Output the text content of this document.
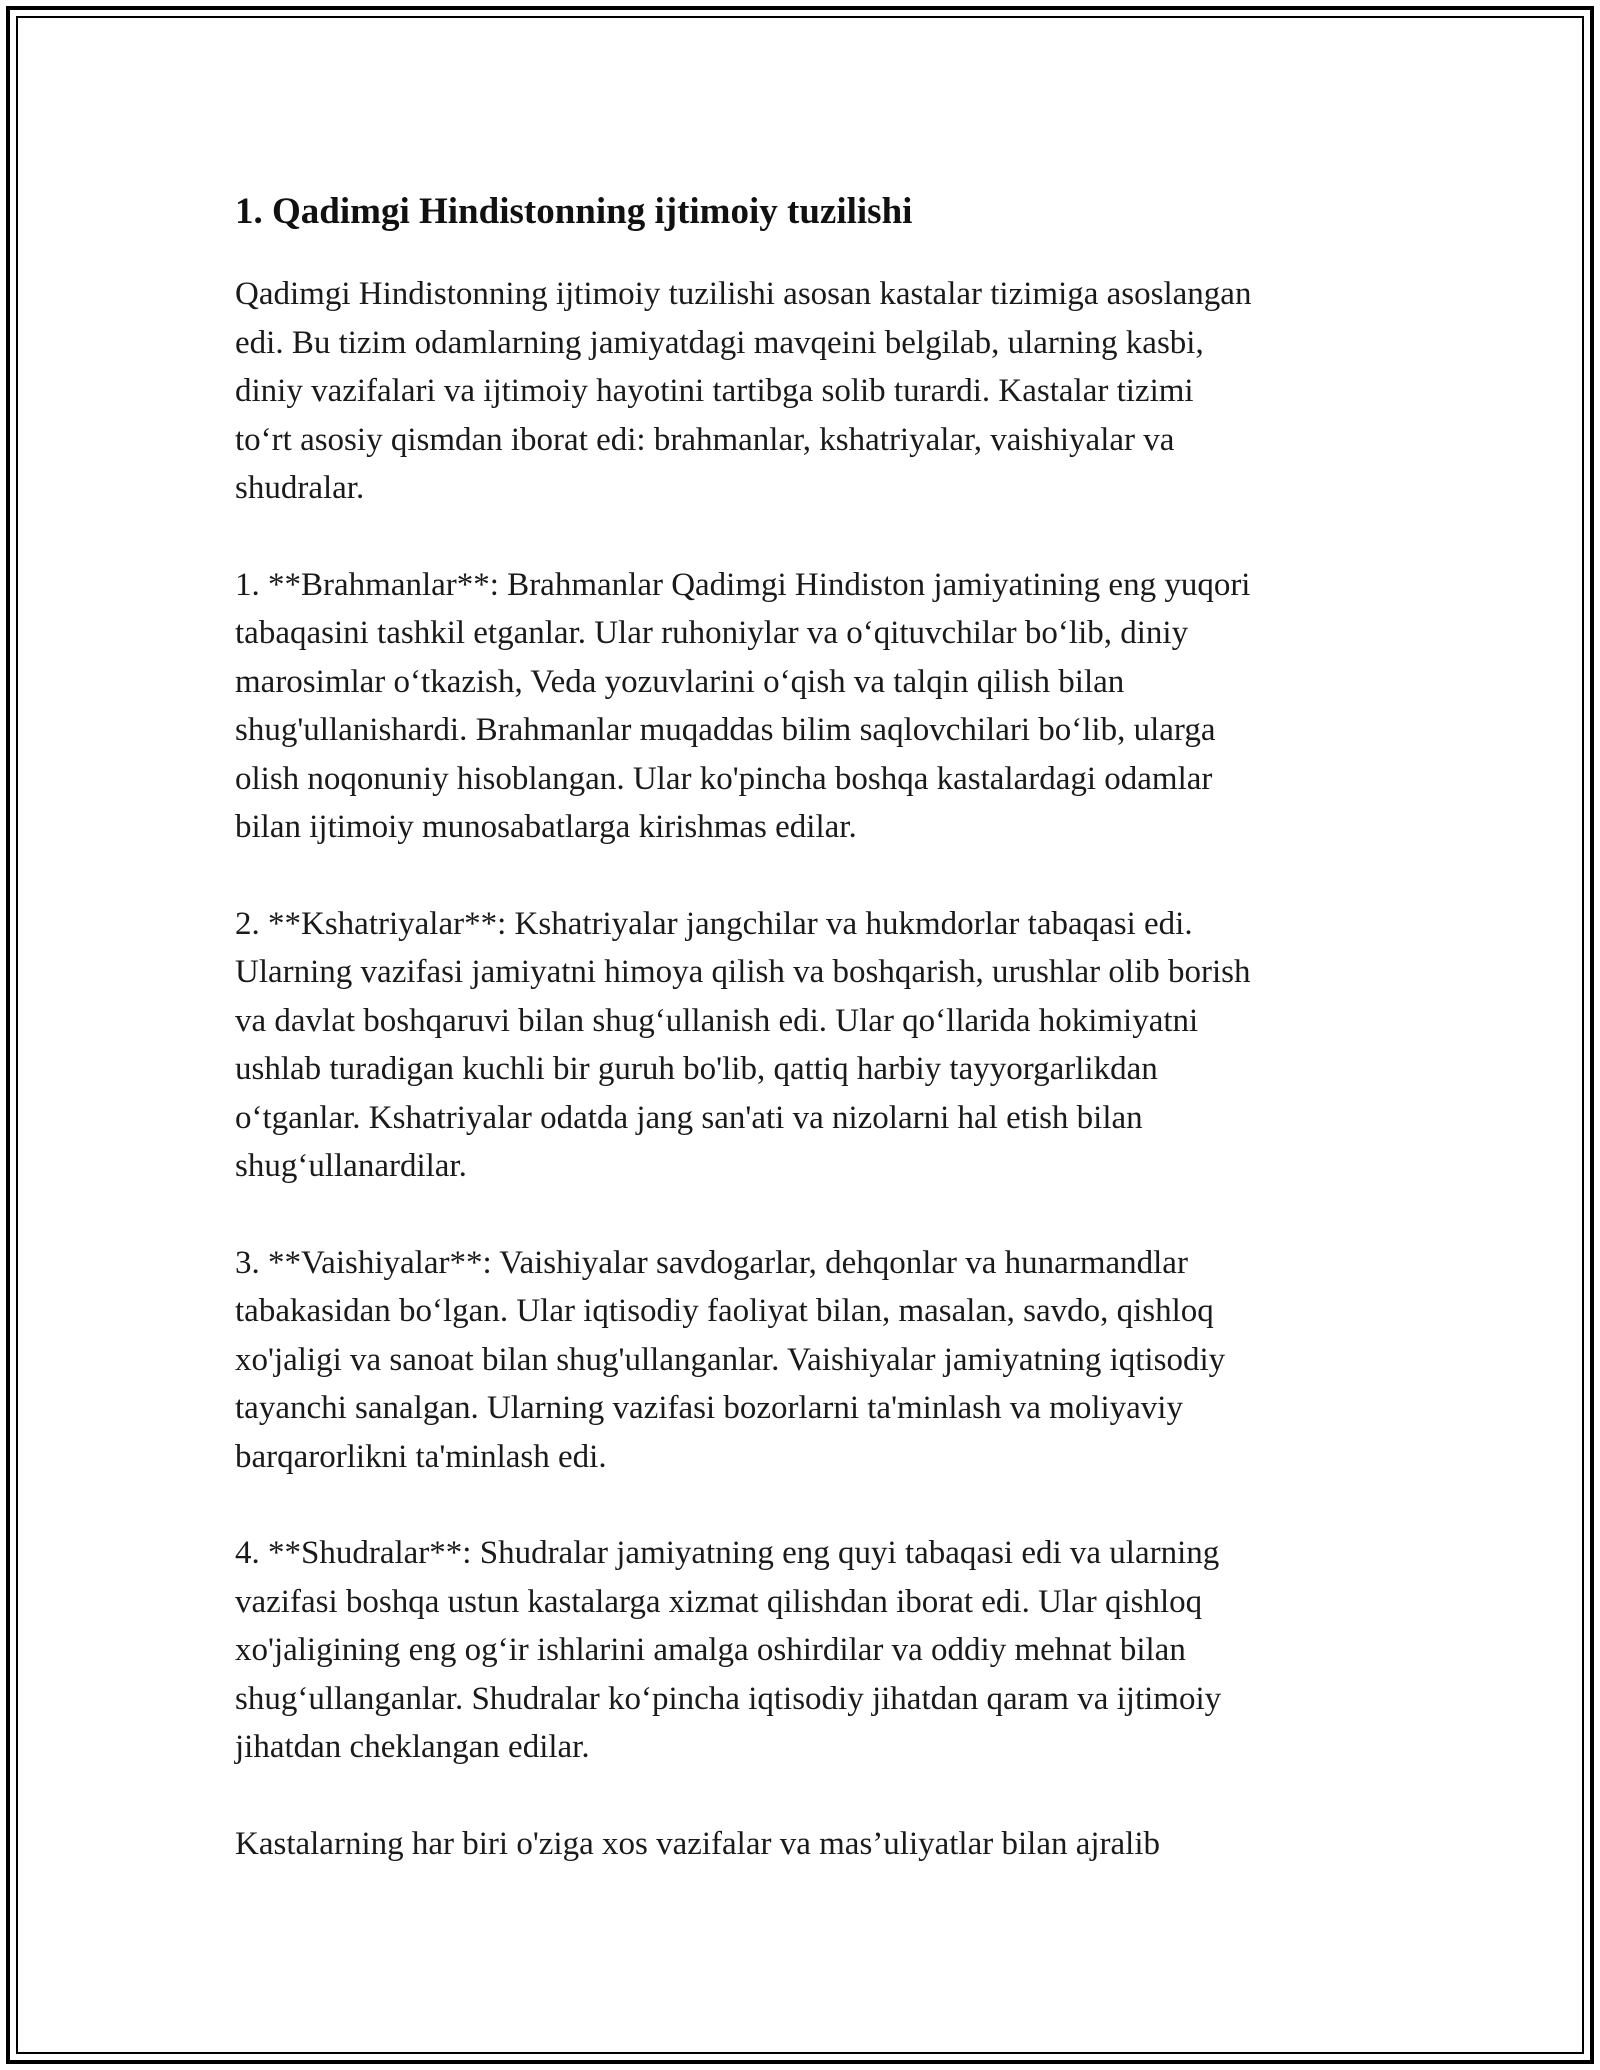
1. Qadimgi Hindistonning ijtimoiy tuzilishi

Qadimgi Hindistonning ijtimoiy tuzilishi asosan kastalar tizimiga asoslangan
edi. Bu tizim odamlarning jamiyatdagi mavqeini belgilab, ularning kasbi,
diniy vazifalari va ijtimoiy hayotini tartibga solib turardi. Kastalar tizimi
to‘rt asosiy qismdan iborat edi: brahmanlar, kshatriyalar, vaishiyalar va
shudralar.

1. **Brahmanlar**: Brahmanlar Qadimgi Hindiston jamiyatining eng yuqori
tabaqasini tashkil etganlar. Ular ruhoniylar va o‘qituvchilar bo‘lib, diniy
marosimlar o‘tkazish, Veda yozuvlarini o‘qish va talqin qilish bilan
shug'ullanishardi. Brahmanlar muqaddas bilim saqlovchilari bo‘lib, ularga
olish noqonuniy hisoblangan. Ular ko'pincha boshqa kastalardagi odamlar
bilan ijtimoiy munosabatlarga kirishmas edilar.

2. **Kshatriyalar**: Kshatriyalar jangchilar va hukmdorlar tabaqasi edi.
Ularning vazifasi jamiyatni himoya qilish va boshqarish, urushlar olib borish
va davlat boshqaruvi bilan shug‘ullanish edi. Ular qo‘llarida hokimiyatni
ushlab turadigan kuchli bir guruh bo'lib, qattiq harbiy tayyorgarlikdan
o‘tganlar. Kshatriyalar odatda jang san'ati va nizolarni hal etish bilan
shug‘ullanardilar.

3. **Vaishiyalar**: Vaishiyalar savdogarlar, dehqonlar va hunarmandlar
tabakasidan bo‘lgan. Ular iqtisodiy faoliyat bilan, masalan, savdo, qishloq
xo'jaligi va sanoat bilan shug'ullanganlar. Vaishiyalar jamiyatning iqtisodiy
tayanchi sanalgan. Ularning vazifasi bozorlarni ta'minlash va moliyaviy
barqarorlikni ta'minlash edi.

4. **Shudralar**: Shudralar jamiyatning eng quyi tabaqasi edi va ularning
vazifasi boshqa ustun kastalarga xizmat qilishdan iborat edi. Ular qishloq
xo'jaligining eng og‘ir ishlarini amalga oshirdilar va oddiy mehnat bilan
shug‘ullanganlar. Shudralar ko‘pincha iqtisodiy jihatdan qaram va ijtimoiy
jihatdan cheklangan edilar.

Kastalarning har biri o'ziga xos vazifalar va mas’uliyatlar bilan ajralib
